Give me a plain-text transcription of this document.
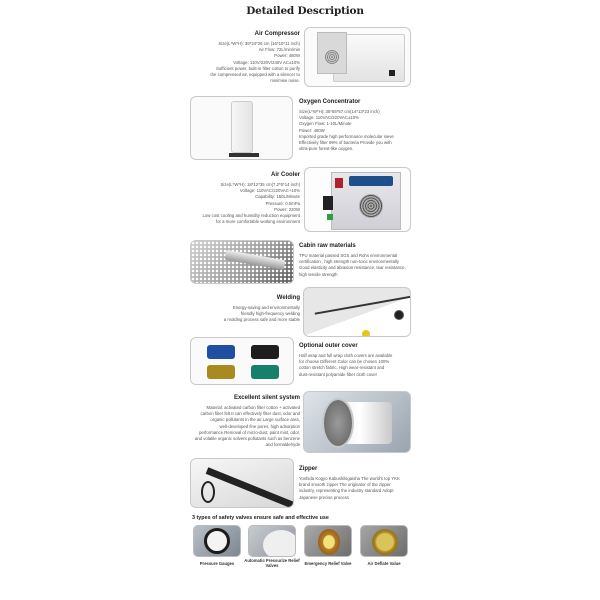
Detailed Description
Air Compressor

Size(L*W*H): 39*24*26 cm (16*10*11 inch)

Air Flow: 72L/min/min

Power: 480W

Voltage: 110V/220V/240V AC±10%

Sufficient power, built-in filter cotton to purify

the compressed air, equipped with a silencer to

minimise noise.

Oxygen Concentrator

Size(L*W*H): 35*65*57 cm(14*13*23 inch)

Voltage: 110VAC/220VAC±10%

Oxygen Flow: 1-10L/Minute

Power: 480W

Imported grade high performance molecular sieve

Effectively filter 99% of bacteria Provide you with

ultra-pure forest-like oxygen.

Air Cooler

Size(L*W*H): 18*12*35 cm(7.2*5*14 inch)

Voltage: 110VAC/220VAC+10%

Capability: 150L/Minute

Pressure: 0.0mPa

Power: 220W

Low cost cooling and humidity reduction equipment

for a more comfortable working environment

Cabin raw materials

TPU material passed SGS and Rohs environmental

certification , high strength non-toxic environmentally

Good elasticity and abrasion resistance, tear resistance,

high tensile strength

Welding

Energy-saving and environmentally

friendly high-frequency welding

a molding process safe and more stable

Optional outer cover

Half wrap and full wrap cloth covers are available

for choose Different Color can be chosen 100%

cotton stretch fabric. High wear-resistant and

dust-resistant polyamide fiber cloth cover

Excellent silent system

Material: activated carbon filter cotton + activated

carbon fiber felt.It can effectively filter dust, odor and

organic pollutants in the air.Large surface area,

well-developed fine pores, high adsorption

performance.Removal of micro-dust, paint mist, odor,

and volatile organic solvent pollutants such as benzene

and formaldehyde

Zipper

Yoshida Kogyo Kabushikigaisha The world's top YKK

brand smooth zipper The originator of the zipper

industry, representing the industry standard Adopt

Japanese precise process

3 types of safety valves ensure safe and effective use
Pressure Gauges
Automatic Pressurize Relief Valves	Emergency Relief Valve	Air Deflate Value
